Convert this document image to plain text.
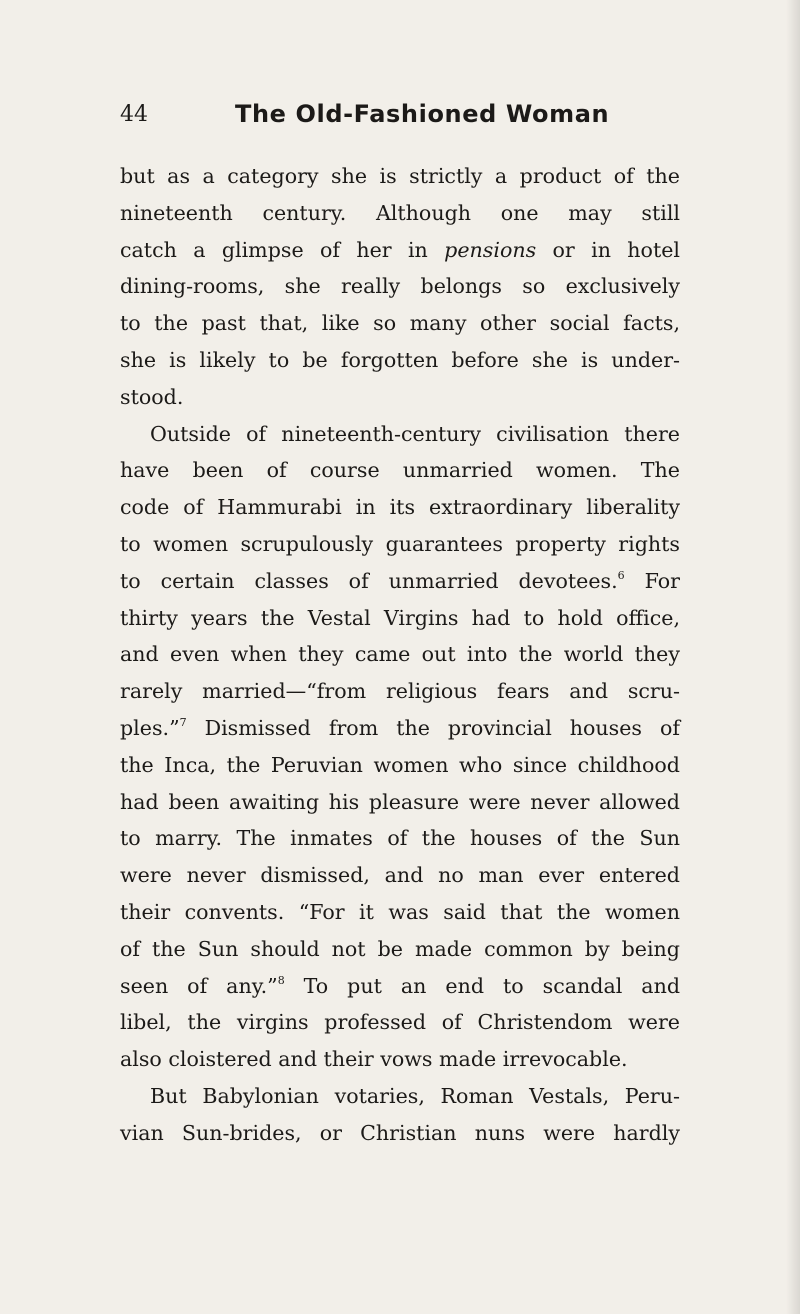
44	The Old-Fashioned Woman
but as a category she is strictly a product of the
nineteenth century. Although one may still
catch a glimpse of her in pensions or in hotel
dining-rooms, she really belongs so exclusively
to the past that, like so many other social facts,
she is likely to be forgotten before she is under-
stood.
Outside of nineteenth-century civilisation there
have been of course unmarried women. The
code of Hammurabi in its extraordinary liberality
to women scrupulously guarantees property rights
to certain classes of unmarried devotees.$^6$ For
thirty years the Vestal Virgins had to hold office,
and even when they came out into the world they
rarely married—“from religious fears and scru-
ples.”$^7$ Dismissed from the provincial houses of
the Inca, the Peruvian women who since childhood
had been awaiting his pleasure were never allowed
to marry. The inmates of the houses of the Sun
were never dismissed, and no man ever entered
their convents. “For it was said that the women
of the Sun should not be made common by being
seen of any.”$^8$ To put an end to scandal and
libel, the virgins professed of Christendom were
also cloistered and their vows made irrevocable.
But Babylonian votaries, Roman Vestals, Peru-
vian Sun-brides, or Christian nuns were hardly
